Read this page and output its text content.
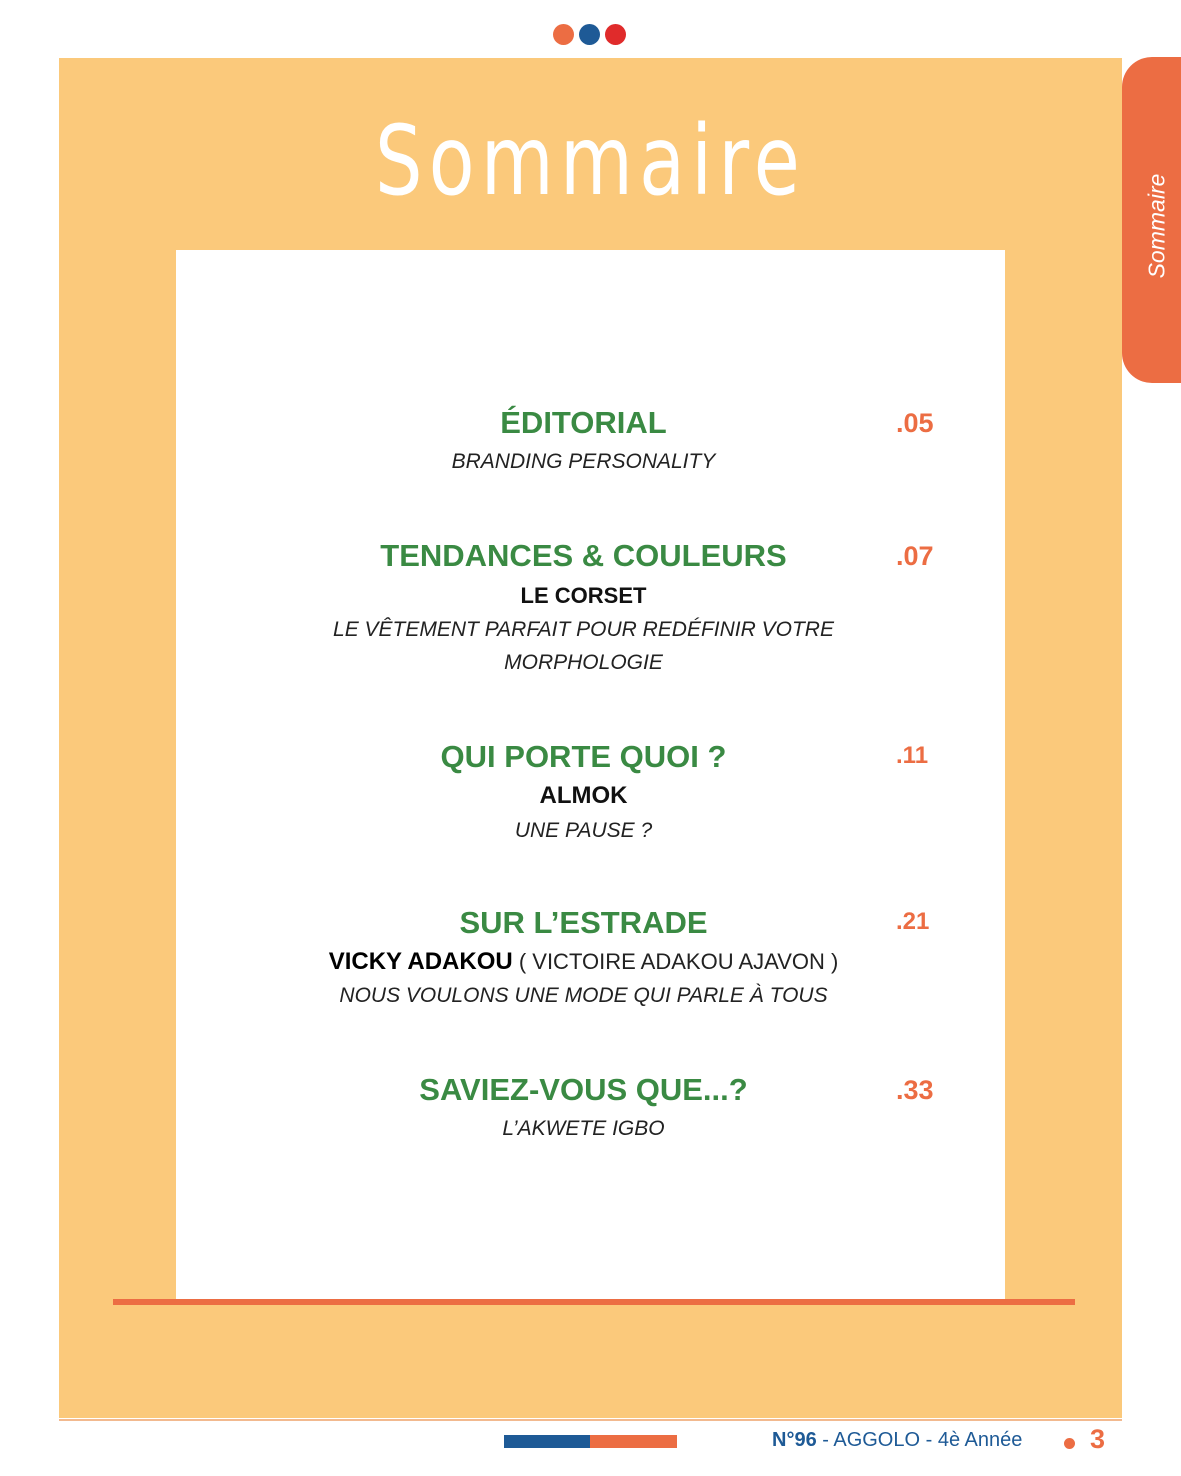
Sommaire
Sommaire
ÉDITORIAL	.05
BRANDING PERSONALITY
TENDANCES & COULEURS	.07
LE CORSET
LE VÊTEMENT PARFAIT POUR REDÉFINIR VOTRE
MORPHOLOGIE
QUI PORTE QUOI ?	.11
ALMOK
UNE PAUSE ?
SUR L’ESTRADE	.21
VICKY ADAKOU ( VICTOIRE ADAKOU AJAVON )
NOUS VOULONS UNE MODE QUI PARLE À TOUS
SAVIEZ-VOUS QUE...?	.33
L’AKWETE IGBO
N°96 - AGGOLO - 4è Année	3
